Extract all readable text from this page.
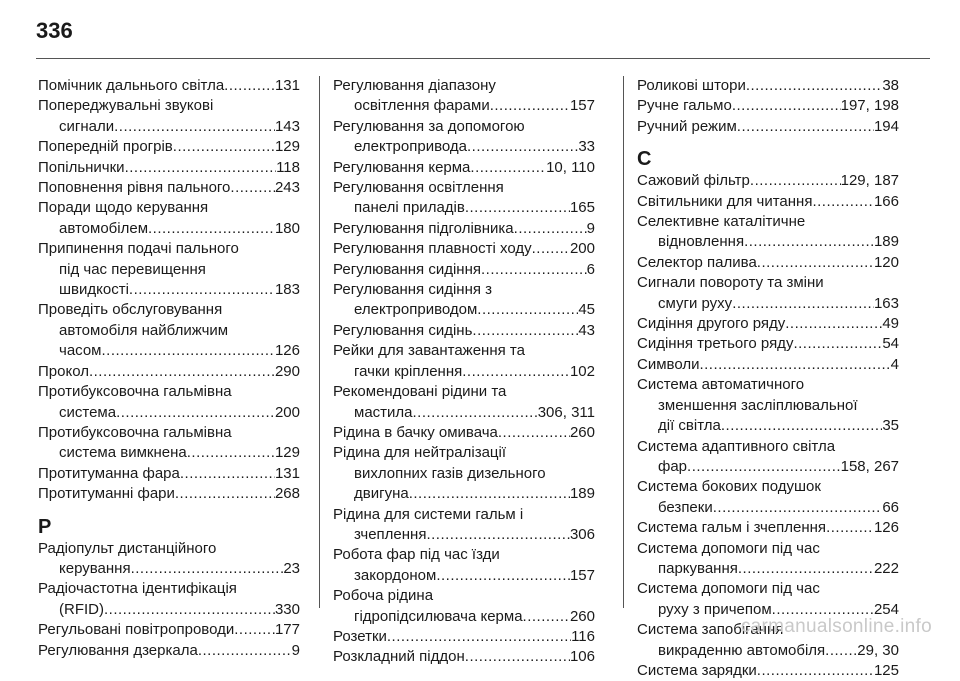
336
Помічник дальнього світла .....	131
Попереджувальні звукові
сигнали .....	143
Попередній прогрів .....	129
Попільнички .....	118
Поповнення рівня пального .....	243
Поради щодо керування
автомобілем .....	180
Припинення подачі пального
під час перевищення
швидкості .....	183
Проведіть обслуговування
автомобіля найближчим
часом .....	126
Прокол .....	290
Протибуксовочна гальмівна
система .....	200
Протибуксовочна гальмівна
система вимкнена .....	129
Протитуманна фара .....	131
Протитуманні фари .....	268
Р
Радіопульт дистанційного
керування .....	23
Радіочастотна ідентифікація
(RFID) .....	330
Регульовані повітропроводи .....	177
Регулювання дзеркала .....	9
Регулювання діапазону
освітлення фарами .....	157
Регулювання за допомогою
електропривода .....	33
Регулювання керма .....	10, 110
Регулювання освітлення
панелі приладів .....	165
Регулювання підголівника .....	9
Регулювання плавності ходу .....	200
Регулювання сидіння .....	6
Регулювання сидіння з
електроприводом .....	45
Регулювання сидінь .....	43
Рейки для завантаження та
гачки кріплення .....	102
Рекомендовані рідини та
мастила .....	306, 311
Рідина в бачку омивача .....	260
Рідина для нейтралізації
вихлопних газів дизельного
двигуна .....	189
Рідина для системи гальм і
зчеплення .....	306
Робота фар під час їзди
закордоном .....	157
Робоча рідина
гідропідсилювача керма .....	260
Розетки .....	116
Розкладний піддон .....	106
Роликові штори .....	38
Ручне гальмо .....	197, 198
Ручний режим .....	194
С
Сажовий фільтр .....	129, 187
Світильники для читання .....	166
Селективне каталітичне
відновлення .....	189
Селектор палива .....	120
Сигнали повороту та зміни
смуги руху .....	163
Сидіння другого ряду .....	49
Сидіння третього ряду .....	54
Символи .....	4
Система автоматичного
зменшення засліплювальної
дії світла .....	35
Система адаптивного світла
фар .....	158, 267
Система бокових подушок
безпеки .....	66
Система гальм і зчеплення .....	126
Система допомоги під час
паркування .....	222
Система допомоги під час
руху з причепом .....	254
Система запобігання
викраденню автомобіля ..... 29, 30
Система зарядки .....	125
carmanualsonline.info
